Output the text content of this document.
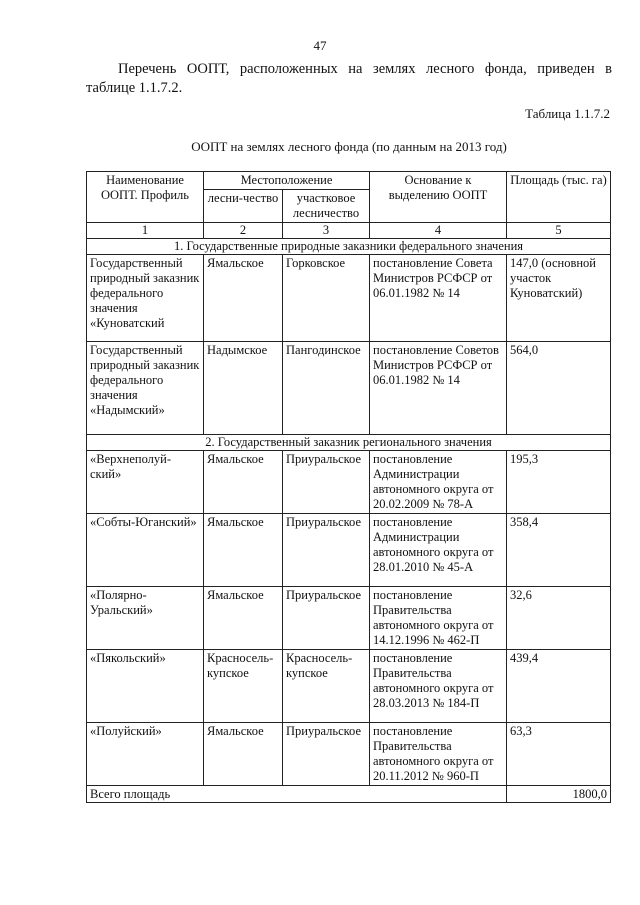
47
Перечень ООПТ, расположенных на землях лесного фонда, приведен в
таблице 1.1.7.2.
Таблица 1.1.7.2
ООПТ на землях лесного фонда (по данным на 2013 год)
Наименование ООПТ. Профиль	Местоположение		Основание к выделению ООПТ	Площадь (тыс. га)
	лесни-чество	участковое лесничество		
1	2	3	4	5
1. Государственные природные заказники федерального значения				
Государственный природный заказник федерального значения «Куноватский	Ямальское	Горковское	постановление Совета Министров РСФСР от 06.01.1982 № 14	147,0 (основной участок Куноватский)
Государственный природный заказник федерального значения «Надымский»	Надымское	Пангодинское	постановление Советов Министров РСФСР от 06.01.1982 № 14	564,0
2. Государственный заказник регионального значения				
«Верхнеполуй-ский»	Ямальское	Приуральское	постановление Администрации автономного округа от 20.02.2009 № 78-А	195,3
«Собты-Юганский»	Ямальское	Приуральское	постановление Администрации автономного округа от 28.01.2010 № 45-А	358,4
«Полярно-Уральский»	Ямальское	Приуральское	постановление Правительства автономного округа от 14.12.1996 № 462-П	32,6
«Пякольский»	Красносель-купское	Красносель-купское	постановление Правительства автономного округа от 28.03.2013 № 184-П	439,4
«Полуйский»	Ямальское	Приуральское	постановление Правительства автономного округа от 20.11.2012 № 960-П	63,3
Всего площадь				1800,0
